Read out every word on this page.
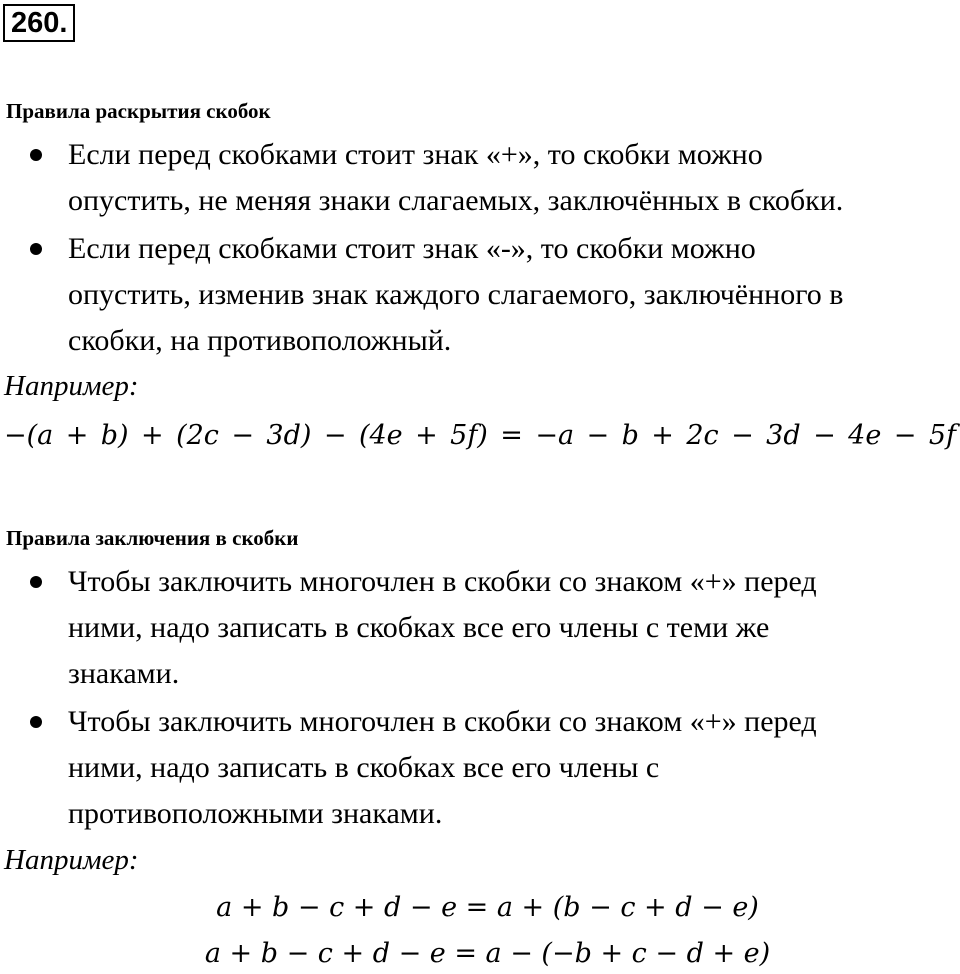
260.
Правила раскрытия скобок
Если перед скобками стоит знак «+», то скобки можно
опустить, не меняя знаки слагаемых, заключённых в скобки.
Если перед скобками стоит знак «-», то скобки можно
опустить, изменив знак каждого слагаемого, заключённого в
скобки, на противоположный.
Например:
−(a + b) + (2c − 3d) − (4e + 5f) = −a − b + 2c − 3d − 4e − 5f
Правила заключения в скобки
Чтобы заключить многочлен в скобки со знаком «+» перед
ними, надо записать в скобках все его члены с теми же
знаками.
Чтобы заключить многочлен в скобки со знаком «+» перед
ними, надо записать в скобках все его члены с
противоположными знаками.
Например:
a + b − c + d − e = a + (b − c + d − e)
a + b − c + d − e = a − (−b + c − d + e)
